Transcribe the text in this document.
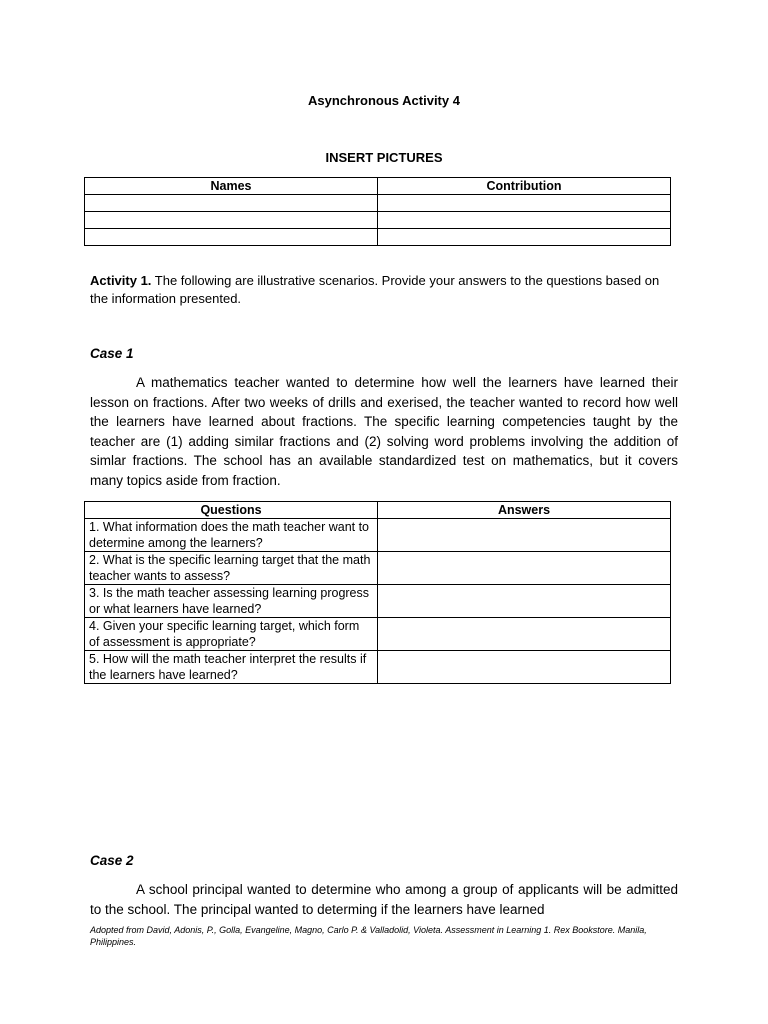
Asynchronous Activity 4
INSERT PICTURES
Names	Contribution

Activity 1. The following are illustrative scenarios. Provide your answers to the questions based on the information presented.
Case 1
A mathematics teacher wanted to determine how well the learners have learned their lesson on fractions. After two weeks of drills and exerised, the teacher wanted to record how well the learners have learned about fractions. The specific learning competencies taught by the teacher are (1) adding similar fractions and (2) solving word problems involving the addition of simlar fractions. The school has an available standardized test on mathematics, but it covers many topics aside from fraction.
Questions	Answers
1. What information does the math teacher want to determine among the learners?	
2. What is the specific learning target that the math teacher wants to assess?	
3. Is the math teacher assessing learning progress or what learners have learned?	
4. Given your specific learning target, which form of assessment is appropriate?	
5. How will the math teacher interpret the results if the learners have learned?	
Case 2
A school principal wanted to determine who among a group of applicants will be admitted to the school. The principal wanted to determing if the learners have learned
Adopted from David, Adonis, P., Golla, Evangeline, Magno, Carlo P. & Valladolid, Violeta. Assessment in Learning 1. Rex Bookstore. Manila, Philippines.
